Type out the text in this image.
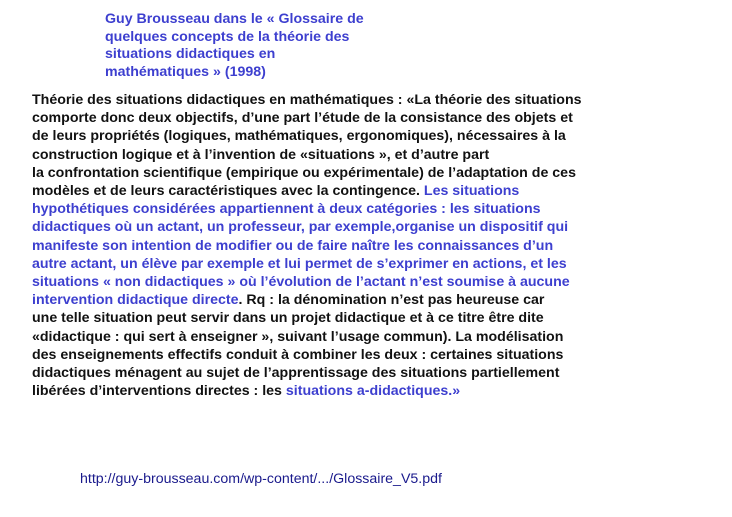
Guy Brousseau dans le « Glossaire de
quelques concepts de la théorie des
situations didactiques en
mathématiques » (1998)
Théorie des situations didactiques en mathématiques : «La théorie des situations
comporte donc deux objectifs, d’une part l’étude de la consistance des objets et
de leurs propriétés (logiques, mathématiques, ergonomiques), nécessaires à la
construction logique et à l’invention de «situations », et d’autre part
la confrontation scientifique (empirique ou expérimentale) de l’adaptation de ces
modèles et de leurs caractéristiques avec la contingence. Les situations
hypothétiques considérées appartiennent à deux catégories : les situations
didactiques où un actant, un professeur, par exemple,organise un dispositif qui
manifeste son intention de modifier ou de faire naître les connaissances d’un
autre actant, un élève par exemple et lui permet de s’exprimer en actions, et les
situations « non didactiques » où l’évolution de l’actant n’est soumise à aucune
intervention didactique directe. Rq : la dénomination n’est pas heureuse car
une telle situation peut servir dans un projet didactique et à ce titre être dite
«didactique : qui sert à enseigner », suivant l’usage commun). La modélisation
des enseignements effectifs conduit à combiner les deux : certaines situations
didactiques ménagent au sujet de l’apprentissage des situations partiellement
libérées d’interventions directes : les situations a-didactiques.»

http://guy-brousseau.com/wp-content/.../Glossaire_V5.pdf
